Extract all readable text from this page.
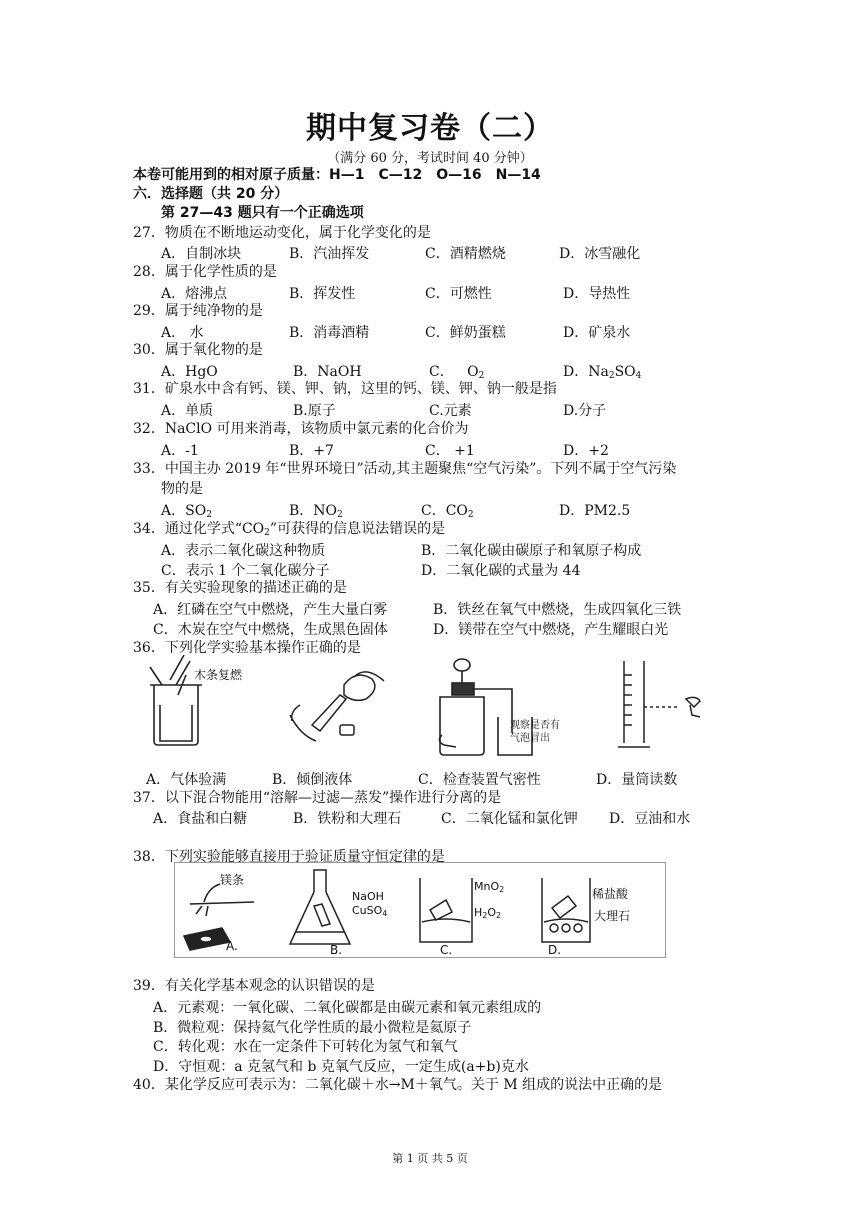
期中复习卷（二）
（满分 60 分，考试时间 40 分钟）
本卷可能用到的相对原子质量：H—1　C—12　O—16　N—14
六．选择题（共 20 分）
第 27—43 题只有一个正确选项
27．物质在不断地运动变化，属于化学变化的是
A．自制冰块	B．汽油挥发	C．酒精燃烧	D．冰雪融化
28．属于化学性质的是
A．熔沸点	B．挥发性	C．可燃性	D．导热性
29．属于纯净物的是
A． 水	B．消毒酒精	C．鲜奶蛋糕	D．矿泉水
30．属于氧化物的是
A．HgO	B．NaOH	C． $O_2$	D．$Na_2SO_4$
31．矿泉水中含有钙、镁、钾、钠，这里的钙、镁、钾、钠一般是指
A．单质	B.原子	C.元素	D.分子
32．NaClO 可用来消毒，该物质中氯元素的化合价为
A．-1	B．+7	C． +1	D．+2
33．中国主办 2019 年“世界环境日”活动,其主题聚焦“空气污染”。下列不属于空气污染
物的是
A．$SO_2$	B．$NO_2$	C．$CO_2$	D．PM2.5
34．通过化学式“$CO_2$”可获得的信息说法错误的是
A．表示二氧化碳这种物质	B．二氧化碳由碳原子和氧原子构成
C．表示 1 个二氧化碳分子	D．二氧化碳的式量为 44
35．有关实验现象的描述正确的是
A．红磷在空气中燃烧，产生大量白雾	B．铁丝在氧气中燃烧，生成四氧化三铁
C．木炭在空气中燃烧，生成黑色固体	D．镁带在空气中燃烧，产生耀眼白光
36．下列化学实验基本操作正确的是
木条复燃
观察是否有
气泡冒出
A．气体验满	B．倾倒液体	C．检查装置气密性	D．量筒读数
37．以下混合物能用“溶解—过滤—蒸发”操作进行分离的是
A．食盐和白糖	B．铁粉和大理石	C．二氧化锰和氯化钾 D．豆油和水
38．下列实验能够直接用于验证质量守恒定律的是
镁条
A.
NaOH
CuSO4
B.
MnO2
H2O2
C.
稀盐酸
大理石
D.
39．有关化学基本观念的认识错误的是
A．元素观：一氧化碳、二氧化碳都是由碳元素和氧元素组成的
B．微粒观：保持氦气化学性质的最小微粒是氦原子
C．转化观：水在一定条件下可转化为氢气和氧气
D．守恒观：a 克氢气和 b 克氧气反应，一定生成(a+b)克水
40．某化学反应可表示为：二氧化碳＋水→M＋氧气。关于 M 组成的说法中正确的是
第 1 页 共 5 页
